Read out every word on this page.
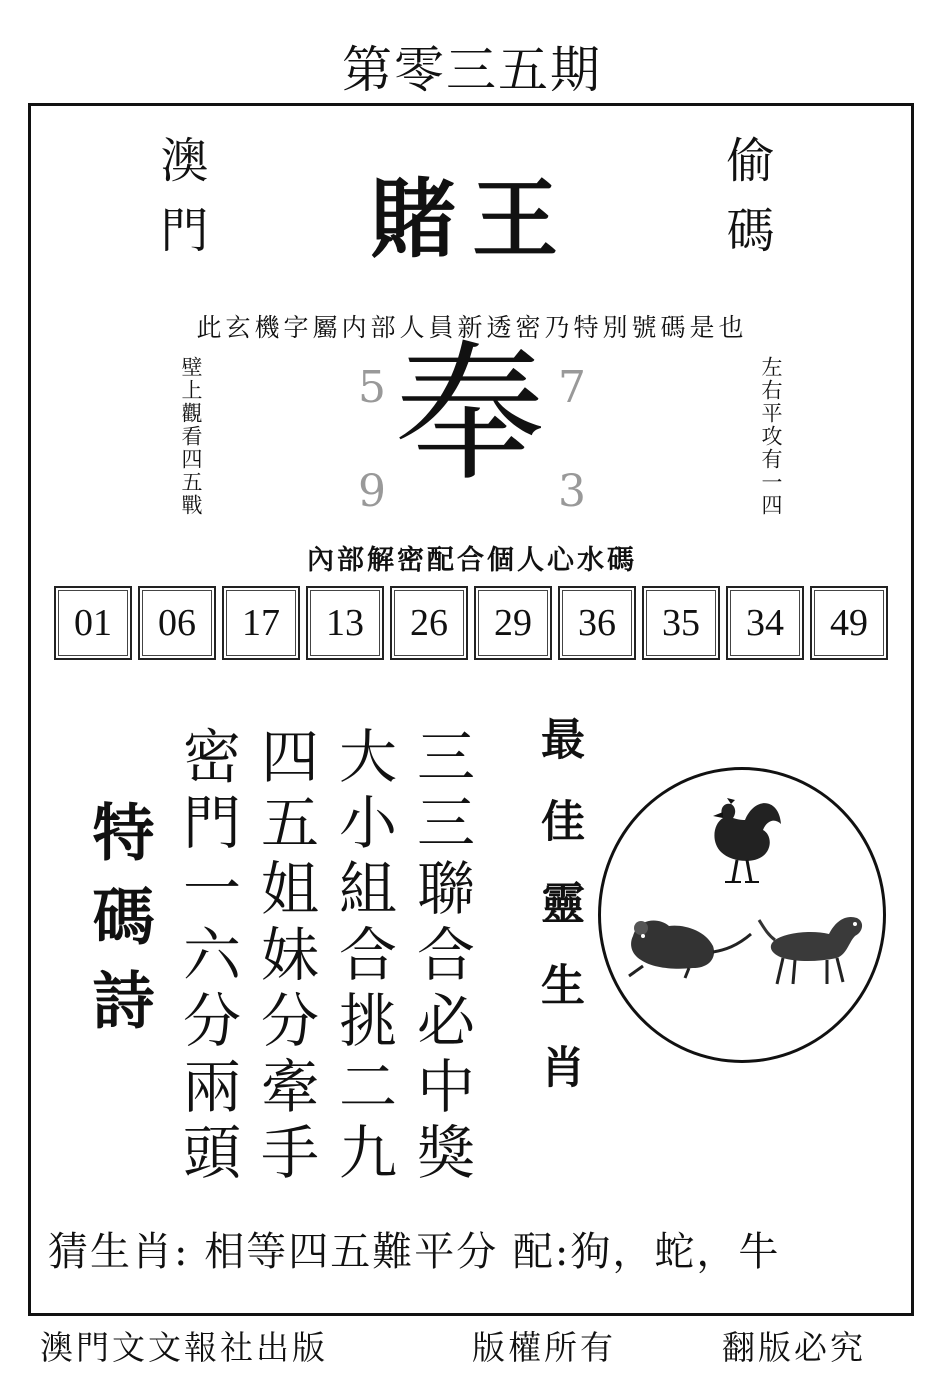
第零三五期
澳門	偷碼
賭王
此玄機字屬内部人員新透密乃特別號碼是也
壁上觀看四五戰	左右平攻有一四
5	7
9	3
奉
內部解密配合個人心水碼
01	06	17	13	26	29	36	35	34	49
特碼詩	三三聯合必中獎
大小組合挑二九
四五姐妹分牽手
密門一六分兩頭	最佳靈生肖
猜生肖: 相等四五難平分 配:狗，蛇，牛
澳門文文報社出版	版權所有	翻版必究
